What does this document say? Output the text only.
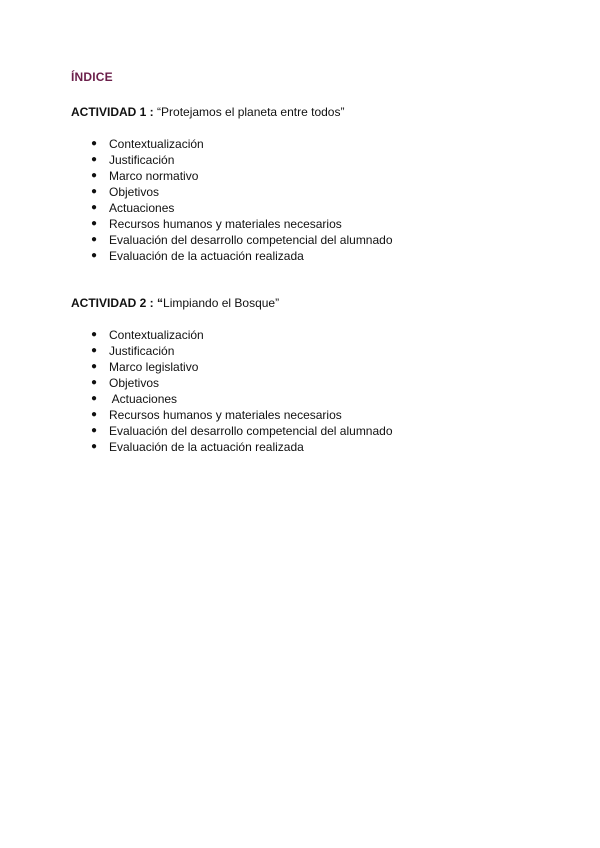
ÍNDICE

ACTIVIDAD 1 : “Protejamos el planeta entre todos”

● Contextualización
● Justificación
● Marco normativo
● Objetivos
● Actuaciones
● Recursos humanos y materiales necesarios
● Evaluación del desarrollo competencial del alumnado
● Evaluación de la actuación realizada

ACTIVIDAD 2 : “Limpiando el Bosque”

● Contextualización
● Justificación
● Marco legislativo
● Objetivos
● Actuaciones
● Recursos humanos y materiales necesarios
● Evaluación del desarrollo competencial del alumnado
● Evaluación de la actuación realizada
